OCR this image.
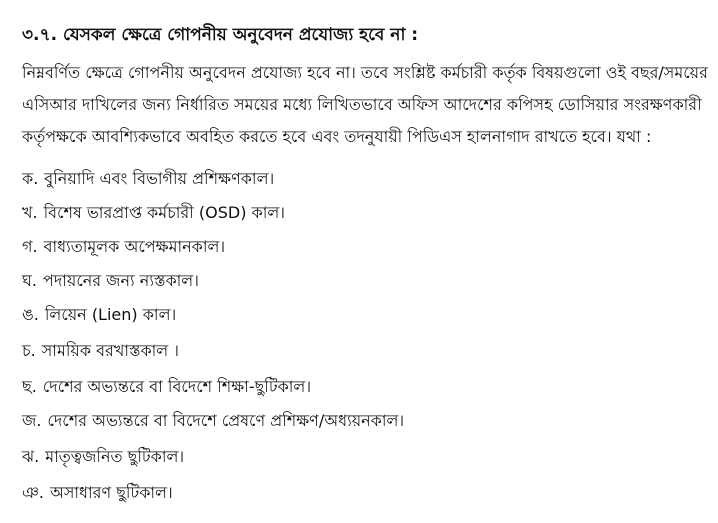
৩.৭. যেসকল ক্ষেত্রে গোপনীয় অনুবেদন প্রযোজ্য হবে না :
নিম্নবর্ণিত ক্ষেত্রে গোপনীয় অনুবেদন প্রযোজ্য হবে না। তবে সংশ্লিষ্ট কর্মচারী কর্তৃক বিষয়গুলো ওই বছর/সময়ের
এসিআর দাখিলের জন্য নির্ধারিত সময়ের মধ্যে লিখিতভাবে অফিস আদেশের কপিসহ ডোসিয়ার সংরক্ষণকারী
কর্তৃপক্ষকে আবশ্যিকভাবে অবহিত করতে হবে এবং তদনুযায়ী পিডিএস হালনাগাদ রাখতে হবে। যথা :
ক. বুনিয়াদি এবং বিভাগীয় প্রশিক্ষণকাল।
খ. বিশেষ ভারপ্রাপ্ত কর্মচারী (OSD) কাল।
গ. বাধ্যতামূলক অপেক্ষমানকাল।
ঘ. পদায়নের জন্য ন্যস্তকাল।
ঙ. লিয়েন (Lien) কাল।
চ. সাময়িক বরখাস্তকাল ।
ছ. দেশের অভ্যন্তরে বা বিদেশে শিক্ষা-ছুটিকাল।
জ. দেশের অভ্যন্তরে বা বিদেশে প্রেষণে প্রশিক্ষণ/অধ্যয়নকাল।
ঝ. মাতৃত্বজনিত ছুটিকাল।
ঞ. অসাধারণ ছুটিকাল।
